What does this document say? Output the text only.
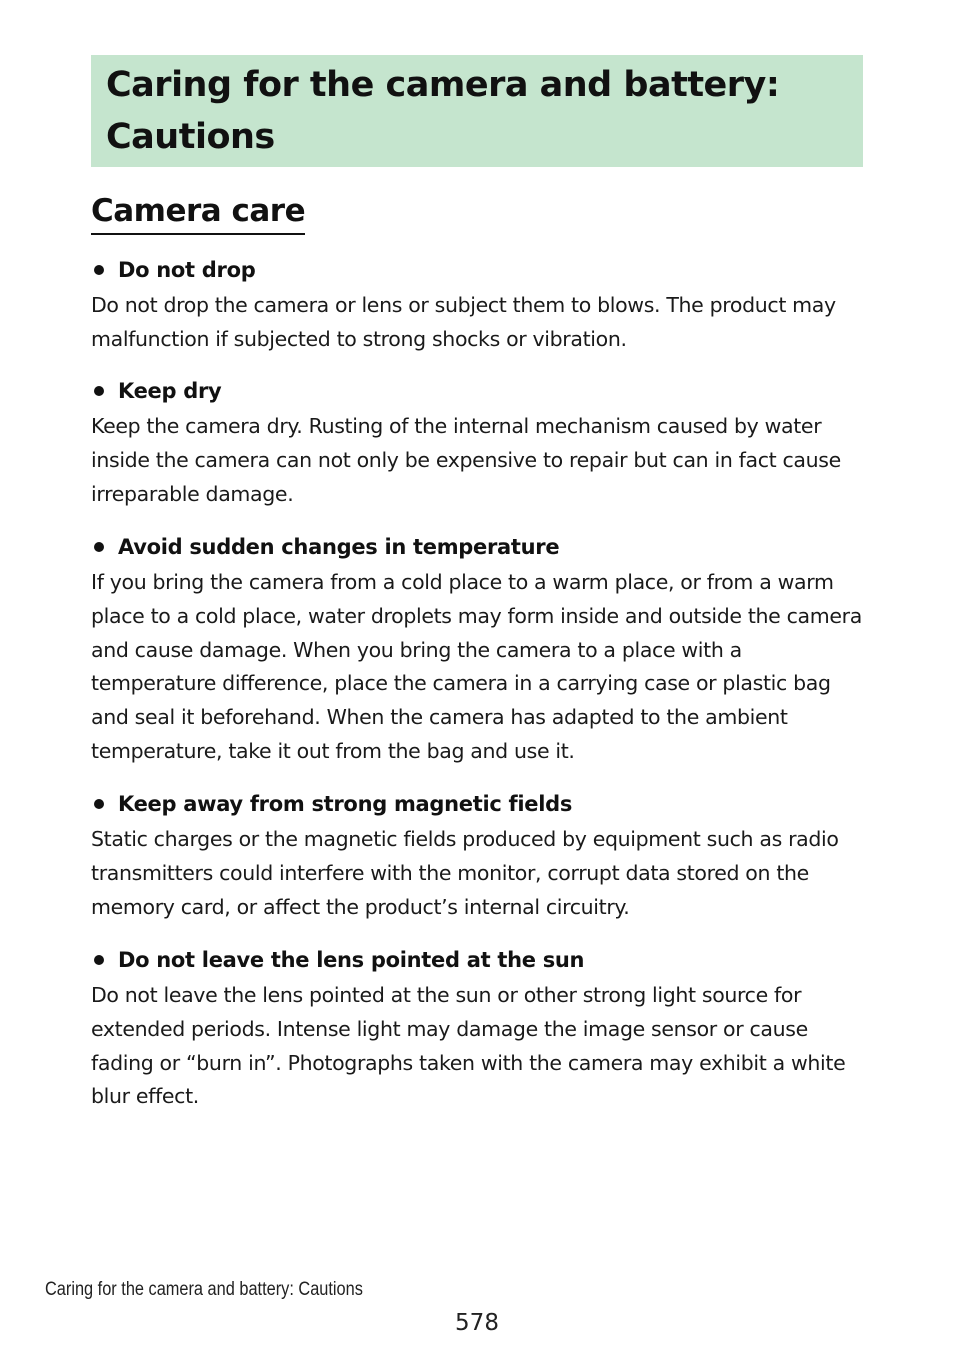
Caring for the camera and battery: Cautions
Camera care
Do not drop

Do not drop the camera or lens or subject them to blows. The product may malfunction if subjected to strong shocks or vibration.

Keep dry

Keep the camera dry. Rusting of the internal mechanism caused by water inside the camera can not only be expensive to repair but can in fact cause irreparable damage.

Avoid sudden changes in temperature

If you bring the camera from a cold place to a warm place, or from a warm place to a cold place, water droplets may form inside and outside the camera and cause damage. When you bring the camera to a place with a temperature difference, place the camera in a carrying case or plastic bag and seal it beforehand. When the camera has adapted to the ambient temperature, take it out from the bag and use it.

Keep away from strong magnetic fields

Static charges or the magnetic fields produced by equipment such as radio transmitters could interfere with the monitor, corrupt data stored on the memory card, or affect the product’s internal circuitry.

Do not leave the lens pointed at the sun

Do not leave the lens pointed at the sun or other strong light source for extended periods. Intense light may damage the image sensor or cause fading or “burn in”. Photographs taken with the camera may exhibit a white blur effect.

Caring for the camera and battery: Cautions
578
